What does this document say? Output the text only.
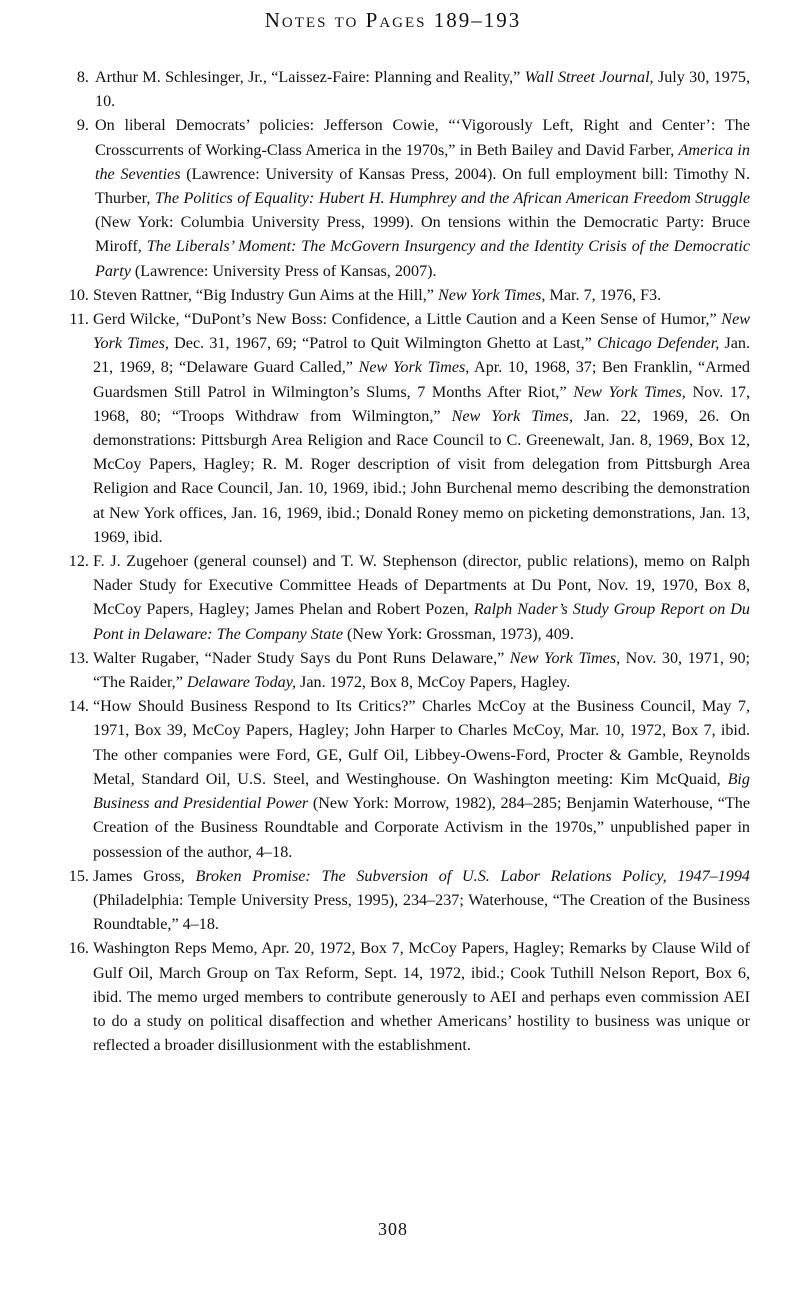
Notes to Pages 189–193
8. Arthur M. Schlesinger, Jr., “Laissez-Faire: Planning and Reality,” Wall Street Journal, July 30, 1975, 10.
9. On liberal Democrats’ policies: Jefferson Cowie, “‘Vigorously Left, Right and Center’: The Crosscurrents of Working-Class America in the 1970s,” in Beth Bailey and David Farber, America in the Seventies (Lawrence: University of Kansas Press, 2004). On full employment bill: Timothy N. Thurber, The Politics of Equality: Hubert H. Humphrey and the African American Freedom Struggle (New York: Columbia University Press, 1999). On tensions within the Democratic Party: Bruce Miroff, The Liberals’ Moment: The McGovern Insurgency and the Identity Crisis of the Democratic Party (Lawrence: University Press of Kansas, 2007).
10. Steven Rattner, “Big Industry Gun Aims at the Hill,” New York Times, Mar. 7, 1976, F3.
11. Gerd Wilcke, “DuPont’s New Boss: Confidence, a Little Caution and a Keen Sense of Humor,” New York Times, Dec. 31, 1967, 69; “Patrol to Quit Wilmington Ghetto at Last,” Chicago Defender, Jan. 21, 1969, 8; “Delaware Guard Called,” New York Times, Apr. 10, 1968, 37; Ben Franklin, “Armed Guardsmen Still Patrol in Wilmington’s Slums, 7 Months After Riot,” New York Times, Nov. 17, 1968, 80; “Troops Withdraw from Wilmington,” New York Times, Jan. 22, 1969, 26. On demonstrations: Pittsburgh Area Religion and Race Council to C. Greenewalt, Jan. 8, 1969, Box 12, McCoy Papers, Hagley; R. M. Roger description of visit from delegation from Pittsburgh Area Religion and Race Council, Jan. 10, 1969, ibid.; John Burchenal memo describing the demonstration at New York offices, Jan. 16, 1969, ibid.; Donald Roney memo on picketing demonstrations, Jan. 13, 1969, ibid.
12. F. J. Zugehoer (general counsel) and T. W. Stephenson (director, public relations), memo on Ralph Nader Study for Executive Committee Heads of Departments at Du Pont, Nov. 19, 1970, Box 8, McCoy Papers, Hagley; James Phelan and Robert Pozen, Ralph Nader’s Study Group Report on Du Pont in Delaware: The Company State (New York: Grossman, 1973), 409.
13. Walter Rugaber, “Nader Study Says du Pont Runs Delaware,” New York Times, Nov. 30, 1971, 90; “The Raider,” Delaware Today, Jan. 1972, Box 8, McCoy Papers, Hagley.
14. “How Should Business Respond to Its Critics?” Charles McCoy at the Business Council, May 7, 1971, Box 39, McCoy Papers, Hagley; John Harper to Charles McCoy, Mar. 10, 1972, Box 7, ibid. The other companies were Ford, GE, Gulf Oil, Libbey-Owens-Ford, Procter & Gamble, Reynolds Metal, Standard Oil, U.S. Steel, and Westinghouse. On Washington meeting: Kim McQuaid, Big Business and Presidential Power (New York: Morrow, 1982), 284–285; Benjamin Waterhouse, “The Creation of the Business Roundtable and Corporate Activism in the 1970s,” unpublished paper in possession of the author, 4–18.
15. James Gross, Broken Promise: The Subversion of U.S. Labor Relations Policy, 1947–1994 (Philadelphia: Temple University Press, 1995), 234–237; Waterhouse, “The Creation of the Business Roundtable,” 4–18.
16. Washington Reps Memo, Apr. 20, 1972, Box 7, McCoy Papers, Hagley; Remarks by Clause Wild of Gulf Oil, March Group on Tax Reform, Sept. 14, 1972, ibid.; Cook Tuthill Nelson Report, Box 6, ibid. The memo urged members to contribute generously to AEI and perhaps even commission AEI to do a study on political disaffection and whether Americans’ hostility to business was unique or reflected a broader disillusionment with the establishment.
308
